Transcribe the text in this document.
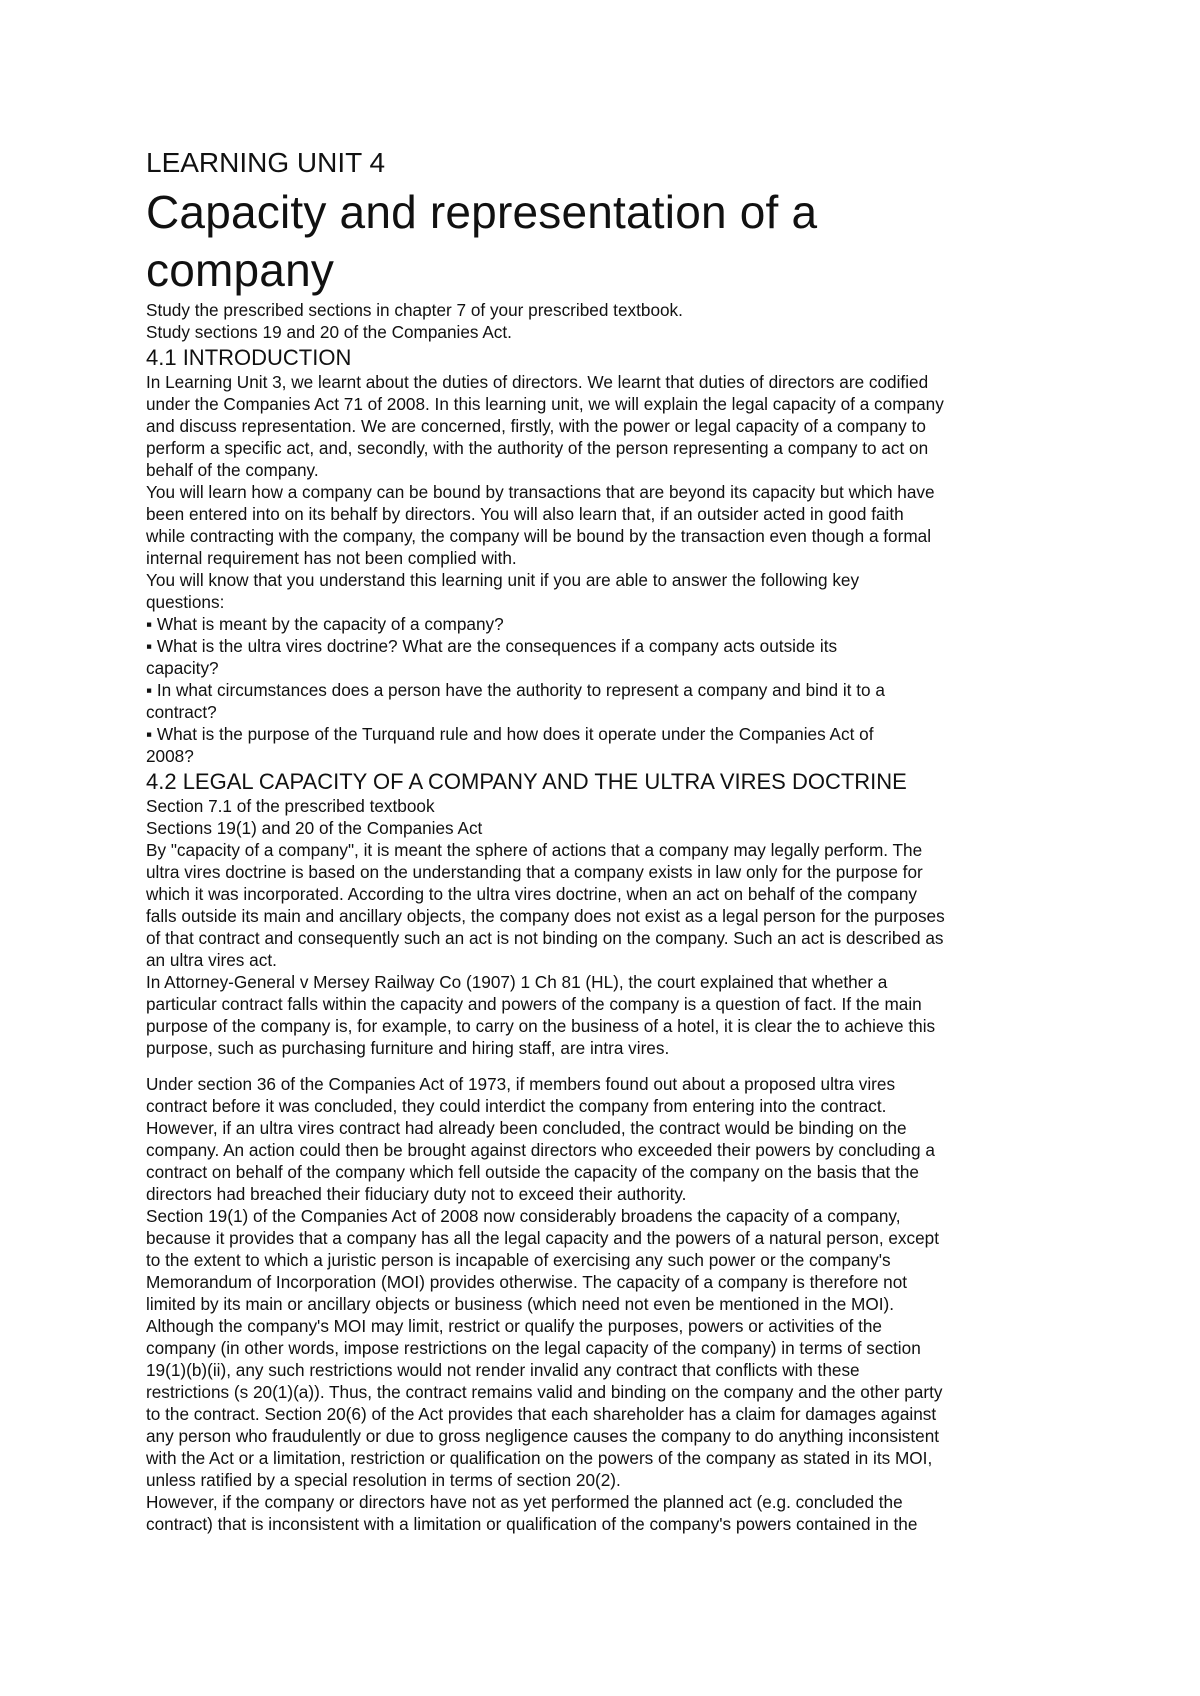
LEARNING UNIT 4
Capacity and representation of a
company

Study the prescribed sections in chapter 7 of your prescribed textbook.

Study sections 19 and 20 of the Companies Act.

4.1 INTRODUCTION

In Learning Unit 3, we learnt about the duties of directors. We learnt that duties of directors are codified

under the Companies Act 71 of 2008. In this learning unit, we will explain the legal capacity of a company

and discuss representation. We are concerned, firstly, with the power or legal capacity of a company to

perform a specific act, and, secondly, with the authority of the person representing a company to act on

behalf of the company.

You will learn how a company can be bound by transactions that are beyond its capacity but which have

been entered into on its behalf by directors. You will also learn that, if an outsider acted in good faith

while contracting with the company, the company will be bound by the transaction even though a formal

internal requirement has not been complied with.

You will know that you understand this learning unit if you are able to answer the following key

questions:

▪ What is meant by the capacity of a company?

▪ What is the ultra vires doctrine? What are the consequences if a company acts outside its

capacity?

▪ In what circumstances does a person have the authority to represent a company and bind it to a

contract?

▪ What is the purpose of the Turquand rule and how does it operate under the Companies Act of

2008?

4.2 LEGAL CAPACITY OF A COMPANY AND THE ULTRA VIRES DOCTRINE

Section 7.1 of the prescribed textbook

Sections 19(1) and 20 of the Companies Act

By "capacity of a company", it is meant the sphere of actions that a company may legally perform. The

ultra vires doctrine is based on the understanding that a company exists in law only for the purpose for

which it was incorporated. According to the ultra vires doctrine, when an act on behalf of the company

falls outside its main and ancillary objects, the company does not exist as a legal person for the purposes

of that contract and consequently such an act is not binding on the company. Such an act is described as

an ultra vires act.

In Attorney-General v Mersey Railway Co (1907) 1 Ch 81 (HL), the court explained that whether a

particular contract falls within the capacity and powers of the company is a question of fact. If the main

purpose of the company is, for example, to carry on the business of a hotel, it is clear the to achieve this

purpose, such as purchasing furniture and hiring staff, are intra vires.

Under section 36 of the Companies Act of 1973, if members found out about a proposed ultra vires

contract before it was concluded, they could interdict the company from entering into the contract.

However, if an ultra vires contract had already been concluded, the contract would be binding on the

company. An action could then be brought against directors who exceeded their powers by concluding a

contract on behalf of the company which fell outside the capacity of the company on the basis that the

directors had breached their fiduciary duty not to exceed their authority.

Section 19(1) of the Companies Act of 2008 now considerably broadens the capacity of a company,

because it provides that a company has all the legal capacity and the powers of a natural person, except

to the extent to which a juristic person is incapable of exercising any such power or the company's

Memorandum of Incorporation (MOI) provides otherwise. The capacity of a company is therefore not

limited by its main or ancillary objects or business (which need not even be mentioned in the MOI).

Although the company's MOI may limit, restrict or qualify the purposes, powers or activities of the

company (in other words, impose restrictions on the legal capacity of the company) in terms of section

19(1)(b)(ii), any such restrictions would not render invalid any contract that conflicts with these

restrictions (s 20(1)(a)). Thus, the contract remains valid and binding on the company and the other party

to the contract. Section 20(6) of the Act provides that each shareholder has a claim for damages against

any person who fraudulently or due to gross negligence causes the company to do anything inconsistent

with the Act or a limitation, restriction or qualification on the powers of the company as stated in its MOI,

unless ratified by a special resolution in terms of section 20(2).

However, if the company or directors have not as yet performed the planned act (e.g. concluded the

contract) that is inconsistent with a limitation or qualification of the company's powers contained in the
